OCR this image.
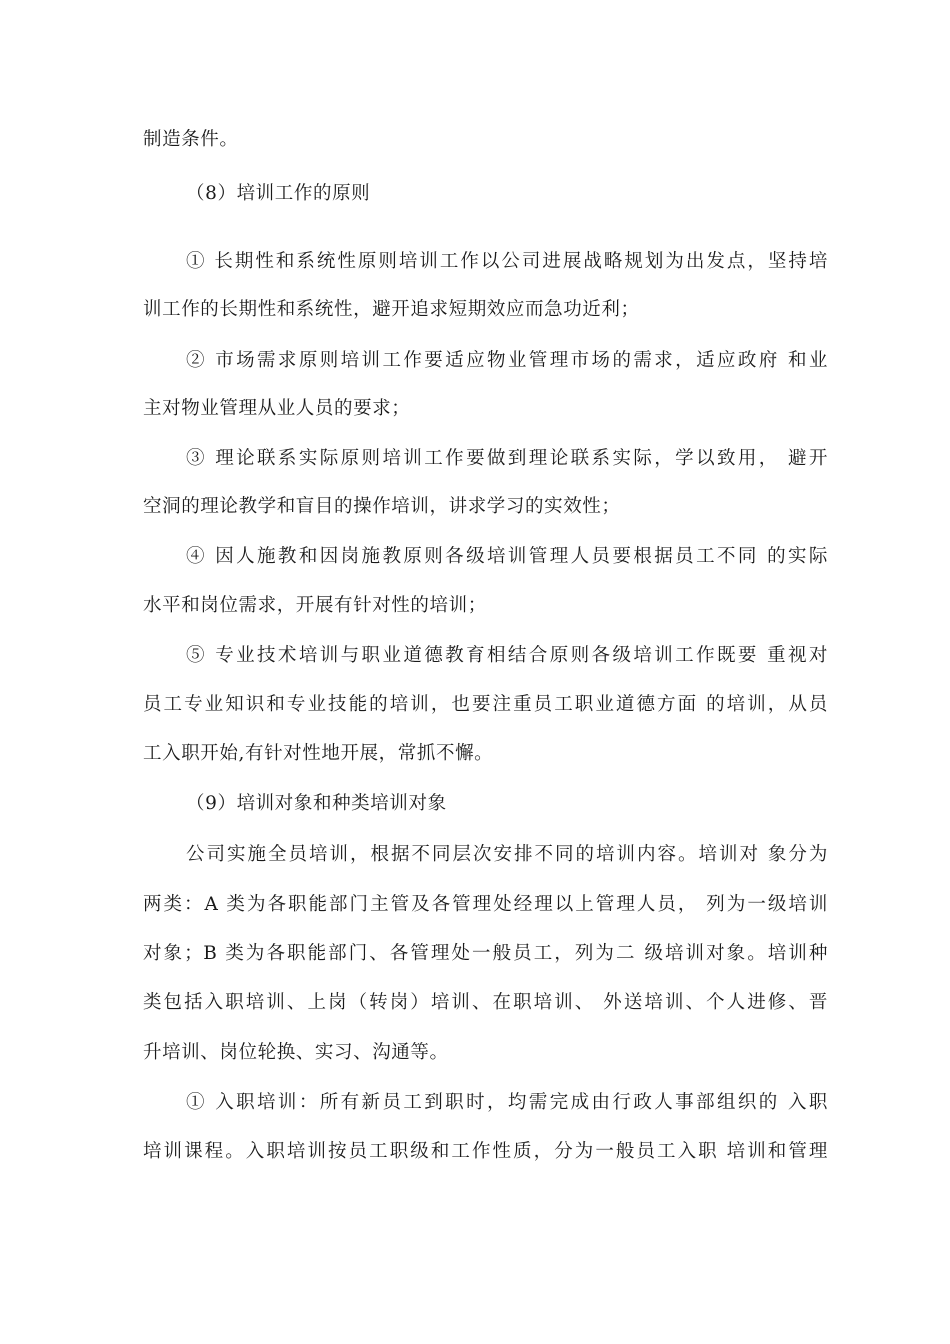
制造条件。
（8）培训工作的原则
① 长期性和系统性原则培训工作以公司进展战略规划为出发点，坚持培
训工作的长期性和系统性，避开追求短期效应而急功近利；
② 市场需求原则培训工作要适应物业管理市场的需求，适应政府 和业
主对物业管理从业人员的要求；
③ 理论联系实际原则培训工作要做到理论联系实际，学以致用， 避开
空洞的理论教学和盲目的操作培训，讲求学习的实效性；
④ 因人施教和因岗施教原则各级培训管理人员要根据员工不同 的实际
水平和岗位需求，开展有针对性的培训；
⑤ 专业技术培训与职业道德教育相结合原则各级培训工作既要 重视对
员工专业知识和专业技能的培训，也要注重员工职业道德方面 的培训，从员
工入职开始,有针对性地开展，常抓不懈。
（9）培训对象和种类培训对象
公司实施全员培训，根据不同层次安排不同的培训内容。培训对 象分为
两类：A 类为各职能部门主管及各管理处经理以上管理人员， 列为一级培训
对象；B 类为各职能部门、各管理处一般员工，列为二 级培训对象。培训种
类包括入职培训、上岗（转岗）培训、在职培训、 外送培训、个人进修、晋
升培训、岗位轮换、实习、沟通等。
① 入职培训：所有新员工到职时，均需完成由行政人事部组织的 入职
培训课程。入职培训按员工职级和工作性质，分为一般员工入职 培训和管理
